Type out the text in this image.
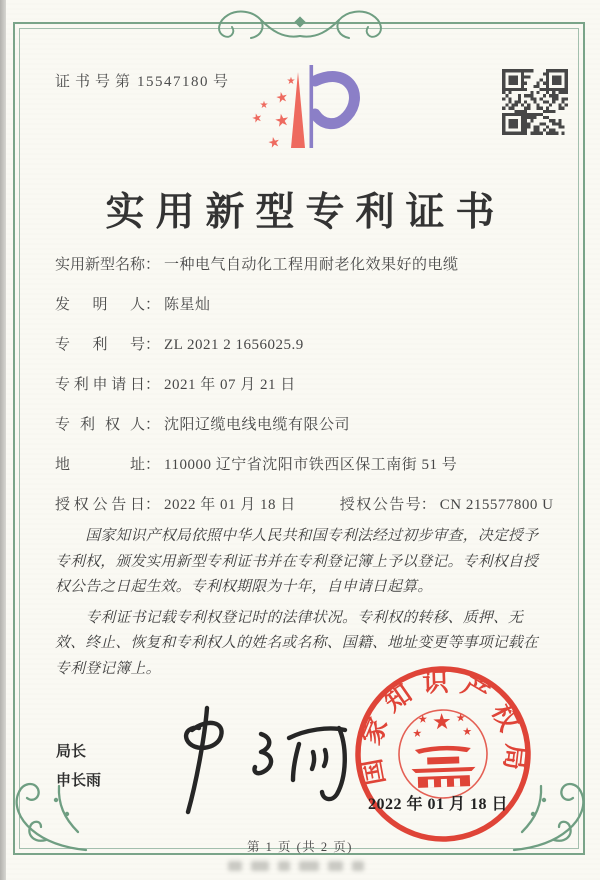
证书号第 15547180 号	★
★
★
★ ★
★
实用新型专利证书
实用新型名称： 一种电气自动化工程用耐老化效果好的电缆
发明人： 陈星灿
专利号： ZL 2021 2 1656025.9
专利申请日： 2021 年 07 月 21 日
专利权人： 沈阳辽缆电线电缆有限公司
地址： 110000 辽宁省沈阳市铁西区保工南街 51 号
授权公告日： 2022 年 01 月 18 日	授权公告号： CN 215577800 U

国家知识产权局依照中华人民共和国专利法经过初步审查，决定授予专利权，颁发实用新型专利证书并在专利登记簿上予以登记。专利权自授权公告之日起生效。专利权期限为十年，自申请日起算。

专利证书记载专利权登记时的法律状况。专利权的转移、质押、无效、终止、恢复和专利权人的姓名或名称、国籍、地址变更等事项记载在专利登记簿上。

局长
申长雨	国家知识产权局
★
★	★
★	★
2022 年 01 月 18 日
第 1 页 (共 2 页)
